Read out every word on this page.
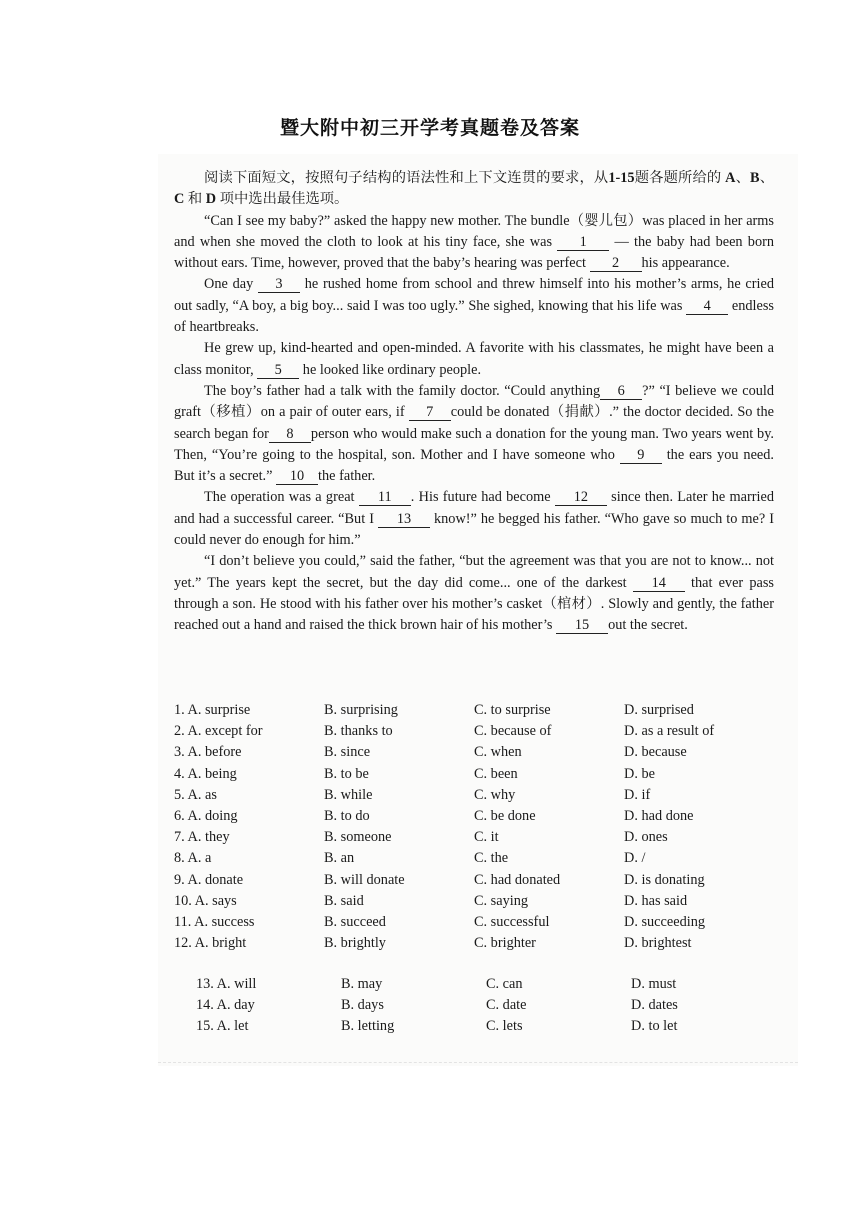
暨大附中初三开学考真题卷及答案

阅读下面短文，按照句子结构的语法性和上下文连贯的要求，从1-15题各题所给的 A、B、C 和 D 项中选出最佳选项。

“Can I see my baby?” asked the happy new mother. The bundle（婴儿包）was placed in her arms and when she moved the cloth to look at his tiny face, she was 1 — the baby had been born without ears. Time, however, proved that the baby’s hearing was perfect 2 his appearance.

One day 3 he rushed home from school and threw himself into his mother’s arms, he cried out sadly, “A boy, a big boy... said I was too ugly.” She sighed, knowing that his life was 4 endless of heartbreaks.

He grew up, kind-hearted and open-minded. A favorite with his classmates, he might have been a class monitor, 5 he looked like ordinary people.

The boy’s father had a talk with the family doctor. “Could anything 6 ?” “I believe we could graft（移植）on a pair of outer ears, if 7 could be donated（捐献）.” the doctor decided. So the search began for 8 person who would make such a donation for the young man. Two years went by. Then, “You’re going to the hospital, son. Mother and I have someone who 9 the ears you need. But it’s a secret.” 10 the father.

The operation was a great 11 . His future had become 12 since then. Later he married and had a successful career. “But I 13 know!” he begged his father. “Who gave so much to me? I could never do enough for him.”

“I don’t believe you could,” said the father, “but the agreement was that you are not to know... not yet.” The years kept the secret, but the day did come... one of the darkest 14 that ever pass through a son. He stood with his father over his mother’s casket（棺材）. Slowly and gently, the father reached out a hand and raised the thick brown hair of his mother’s 15 out the secret.

1. A. surprise	B. surprising	C. to surprise	D. surprised
2. A. except for	B. thanks to	C. because of	D. as a result of
3. A. before	B. since	C. when	D. because
4. A. being	B. to be	C. been	D. be
5. A. as	B. while	C. why	D. if
6. A. doing	B. to do	C. be done	D. had done
7. A. they	B. someone	C. it	D. ones
8. A. a	B. an	C. the	D. /
9. A. donate	B. will donate	C. had donated	D. is donating
10. A. says	B. said	C. saying	D. has said
11. A. success	B. succeed	C. successful	D. succeeding
12. A. bright	B. brightly	C. brighter	D. brightest
13. A. will	B. may	C. can	D. must
14. A. day	B. days	C. date	D. dates
15. A. let	B. letting	C. lets	D. to let
